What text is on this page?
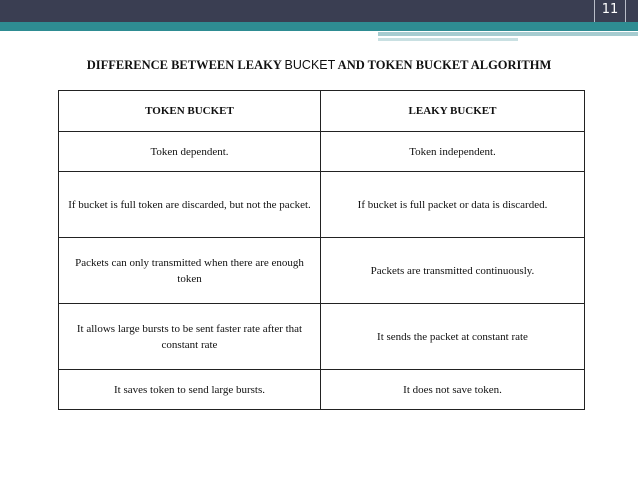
11
DIFFERENCE BETWEEN LEAKY BUCKET AND TOKEN BUCKET ALGORITHM
TOKEN BUCKET	LEAKY BUCKET
Token dependent.	Token independent.
If bucket is full token are discarded, but not the packet.	If bucket is full packet or data is discarded.
Packets can only transmitted when there are enough token	Packets are transmitted continuously.
It allows large bursts to be sent faster rate after that constant rate	It sends the packet at constant rate
It saves token to send large bursts.	It does not save token.
